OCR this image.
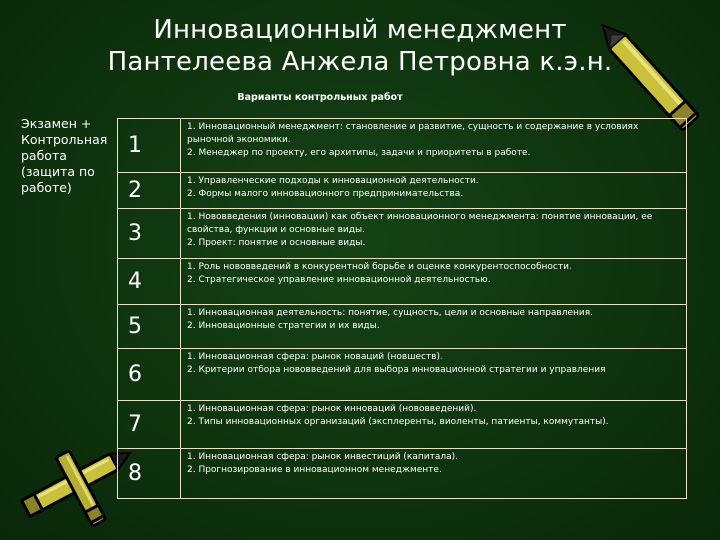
Инновационный менеджмент
Пантелеева Анжела Петровна к.э.н.
Варианты контрольных работ
Экзамен + Контрольная работа (защита по работе)
1	1. Инновационный менеджмент: становление и развитие, сущность и содержание в условиях рыночной экономики.
2. Менеджер по проекту, его архитипы, задачи и приоритеты в работе.

2	1. Управленческие подходы к инновационной деятельности.
2. Формы малого инновационного предпринимательства.

3	1. Нововведения (инновации) как объект инновационного менеджмента: понятие инновации, ее свойства, функции и основные виды.
2. Проект: понятие и основные виды.

4	1. Роль нововведений в конкурентной борьбе и оценке конкурентоспособности.
2. Стратегическое управление инновационной деятельностью.

5	1. Инновационная деятельность: понятие, сущность, цели и основные направления.
2. Инновационные стратегии и их виды.

6	1. Инновационная сфера: рынок новаций (новшеств).
2. Критерии отбора нововведений для выбора инновационной стратегии и управления

7	1. Инновационная сфера: рынок инноваций (нововведений).
2. Типы инновационных организаций (эксплеренты, виоленты, патиенты, коммутанты).

8	1. Инновационная сфера: рынок инвестиций (капитала).
2. Прогнозирование в инновационном менеджменте.
